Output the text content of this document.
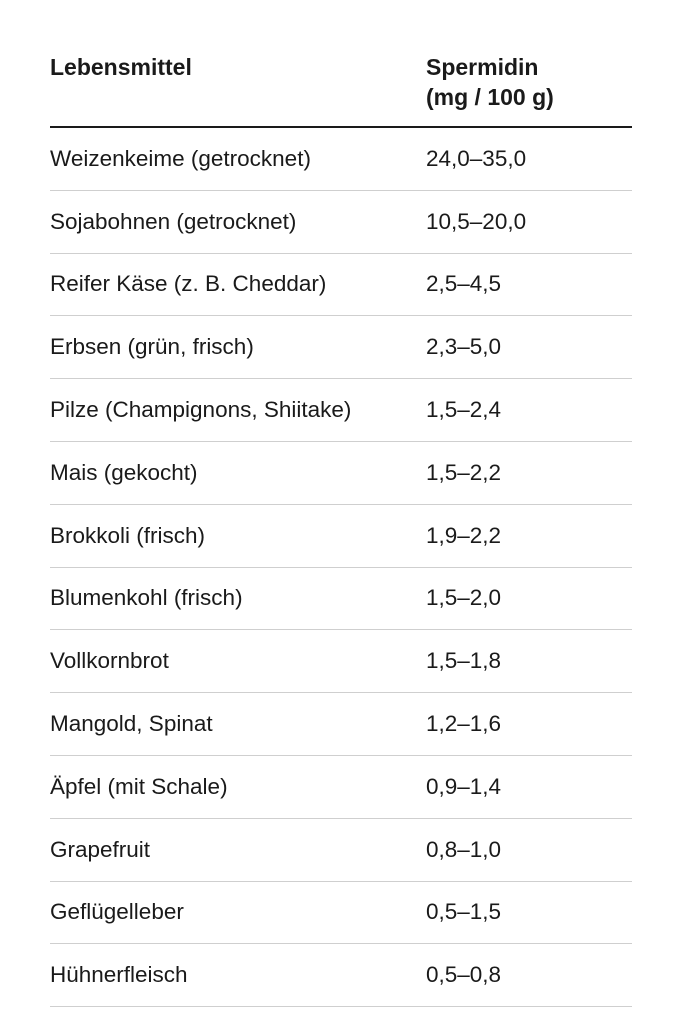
Lebensmittel	Spermidin
(mg / 100 g)
Weizenkeime (getrocknet)	24,0–35,0
Sojabohnen (getrocknet)	10,5–20,0
Reifer Käse (z. B. Cheddar)	2,5–4,5
Erbsen (grün, frisch)	2,3–5,0
Pilze (Champignons, Shiitake)	1,5–2,4
Mais (gekocht)	1,5–2,2
Brokkoli (frisch)	1,9–2,2
Blumenkohl (frisch)	1,5–2,0
Vollkornbrot	1,5–1,8
Mangold, Spinat	1,2–1,6
Äpfel (mit Schale)	0,9–1,4
Grapefruit	0,8–1,0
Geflügelleber	0,5–1,5
Hühnerfleisch	0,5–0,8
